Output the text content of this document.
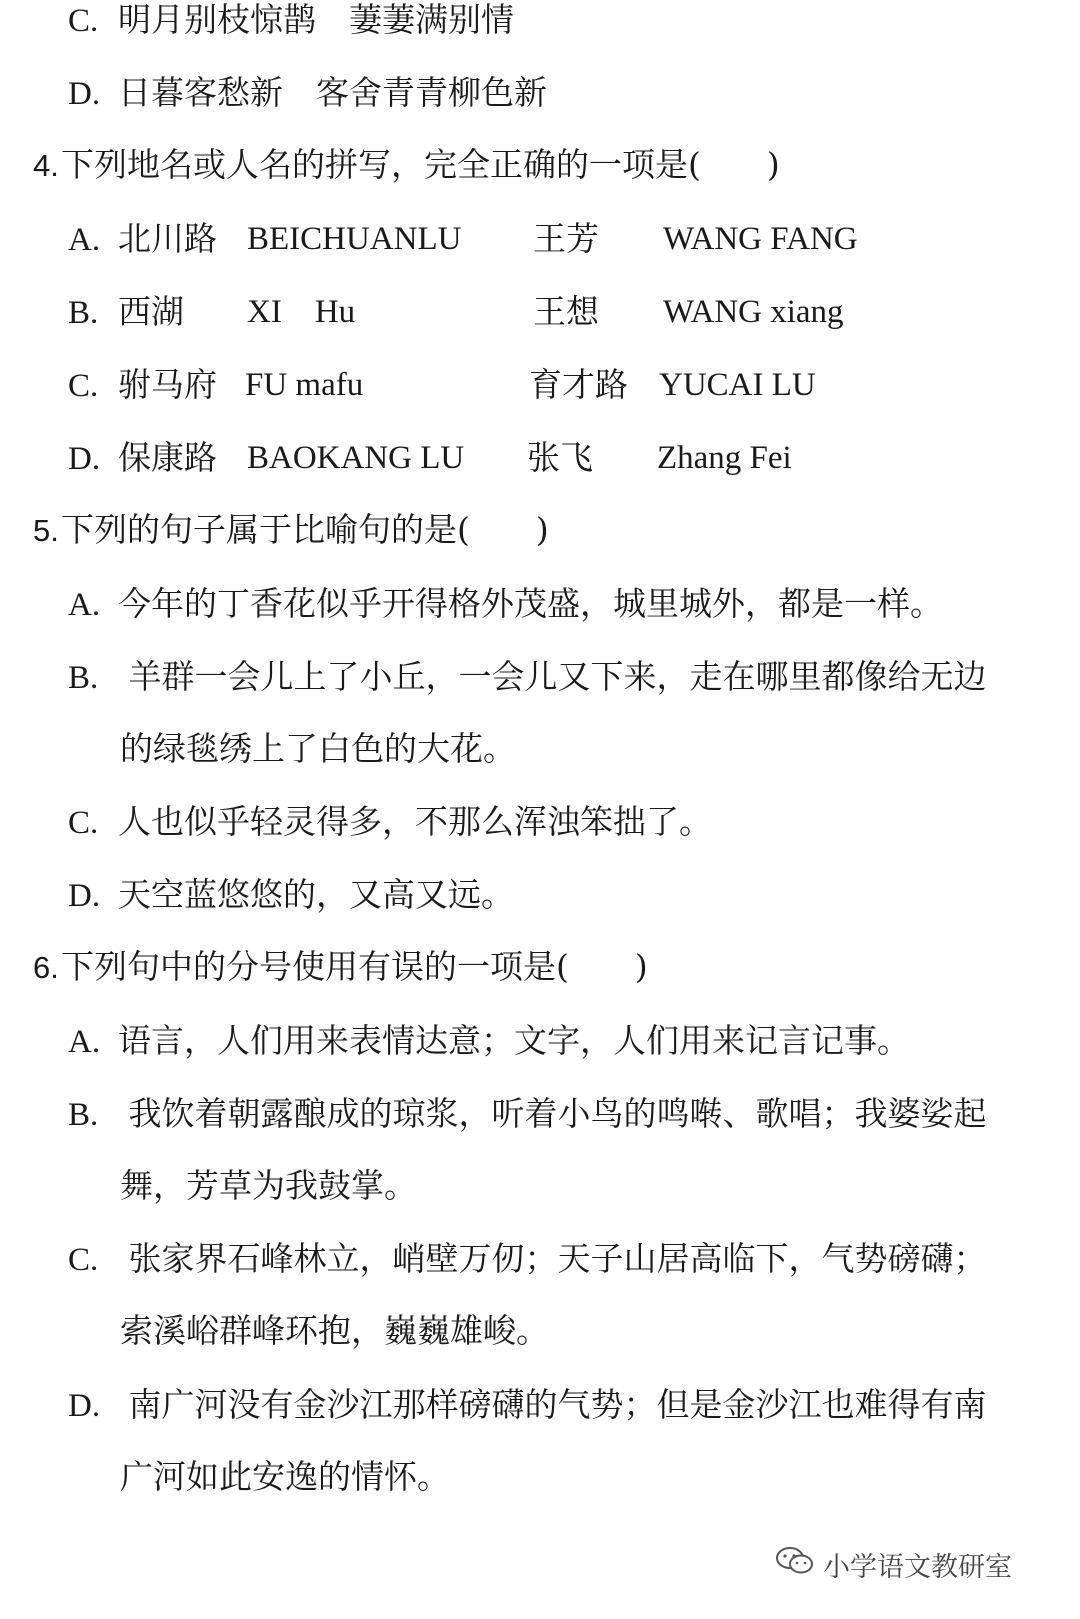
C. 明月别枝惊鹊　萋萋满别情
D. 日暮客愁新　客舍青青柳色新
4.下列地名或人名的拼写，完全正确的一项是(　　)
A. 北川路 BEICHUANLU 王芳 WANG FANG
B. 西湖 XI　Hu	王想 WANG xiang
C. 驸马府 FU mafu	育才路 YUCAI LU
D. 保康路 BAOKANG LU 张飞 Zhang Fei
5.下列的句子属于比喻句的是(　　)
A. 今年的丁香花似乎开得格外茂盛，城里城外，都是一样。
B. 羊群一会儿上了小丘，一会儿又下来，走在哪里都像给无边
的绿毯绣上了白色的大花。
C. 人也似乎轻灵得多，不那么浑浊笨拙了。
D. 天空蓝悠悠的，又高又远。
6.下列句中的分号使用有误的一项是(　　)
A. 语言，人们用来表情达意；文字，人们用来记言记事。
B. 我饮着朝露酿成的琼浆，听着小鸟的鸣啭、歌唱；我婆娑起
舞，芳草为我鼓掌。
C. 张家界石峰林立，峭壁万仞；天子山居高临下，气势磅礴；
索溪峪群峰环抱，巍巍雄峻。
D. 南广河没有金沙江那样磅礴的气势；但是金沙江也难得有南
广河如此安逸的情怀。
小学语文教研室
